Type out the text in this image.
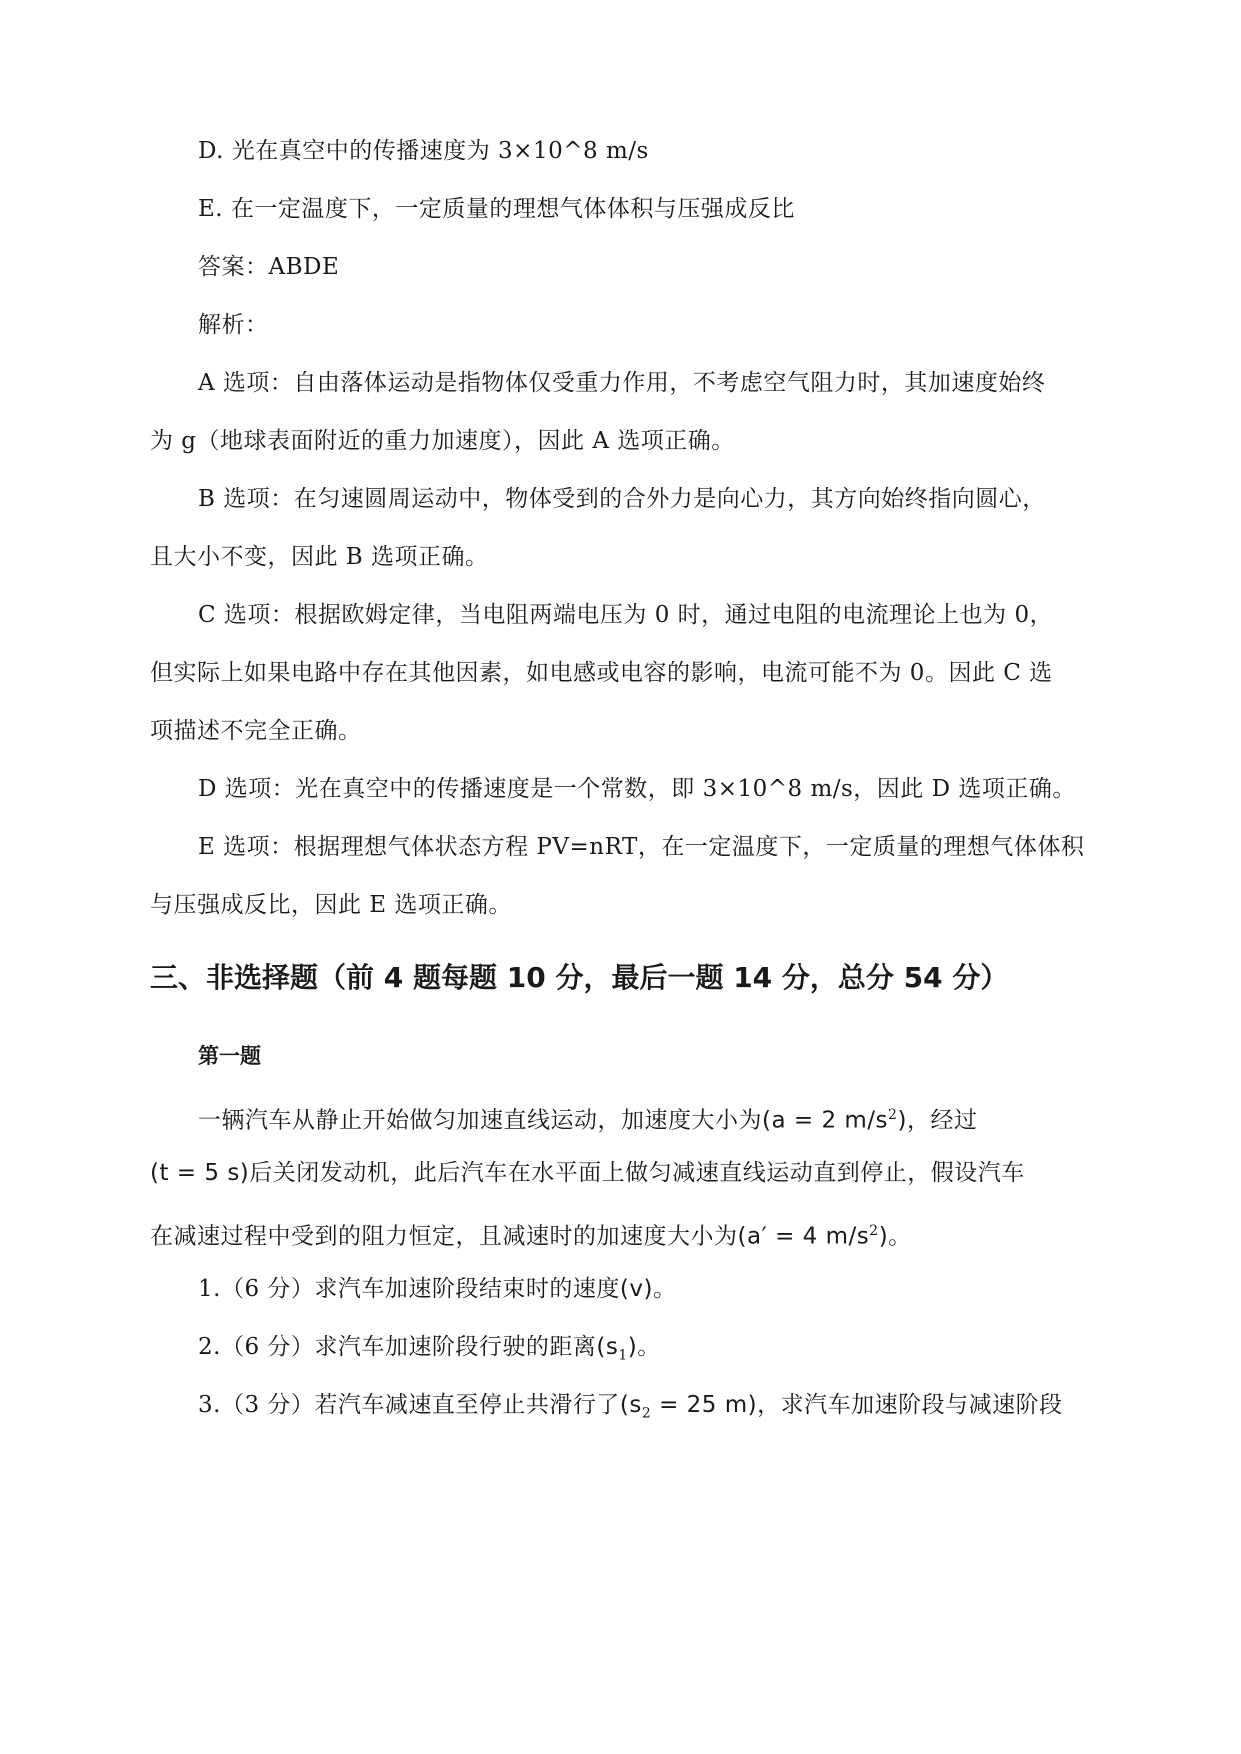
D. 光在真空中的传播速度为 3×10^8 m/s
E. 在一定温度下，一定质量的理想气体体积与压强成反比
答案：ABDE
解析：
A 选项：自由落体运动是指物体仅受重力作用，不考虑空气阻力时，其加速度始终
为 g（地球表面附近的重力加速度），因此 A 选项正确。
B 选项：在匀速圆周运动中，物体受到的合外力是向心力，其方向始终指向圆心，
且大小不变，因此 B 选项正确。
C 选项：根据欧姆定律，当电阻两端电压为 0 时，通过电阻的电流理论上也为 0，
但实际上如果电路中存在其他因素，如电感或电容的影响，电流可能不为 0。因此 C 选
项描述不完全正确。
D 选项：光在真空中的传播速度是一个常数，即 3×10^8 m/s，因此 D 选项正确。
E 选项：根据理想气体状态方程 PV=nRT，在一定温度下，一定质量的理想气体体积
与压强成反比，因此 E 选项正确。
三、非选择题（前 4 题每题 10 分，最后一题 14 分，总分 54 分）
第一题
一辆汽车从静止开始做匀加速直线运动，加速度大小为(a = 2 $m/s^2$)，经过
(t = 5 s)后关闭发动机，此后汽车在水平面上做匀减速直线运动直到停止，假设汽车
在减速过程中受到的阻力恒定，且减速时的加速度大小为(a′ = 4 $m/s^2$)。
1.（6 分）求汽车加速阶段结束时的速度(v)。
2.（6 分）求汽车加速阶段行驶的距离$(s_1)$。
3.（3 分）若汽车减速直至停止共滑行了($s_2 = 25$ m)，求汽车加速阶段与减速阶段
